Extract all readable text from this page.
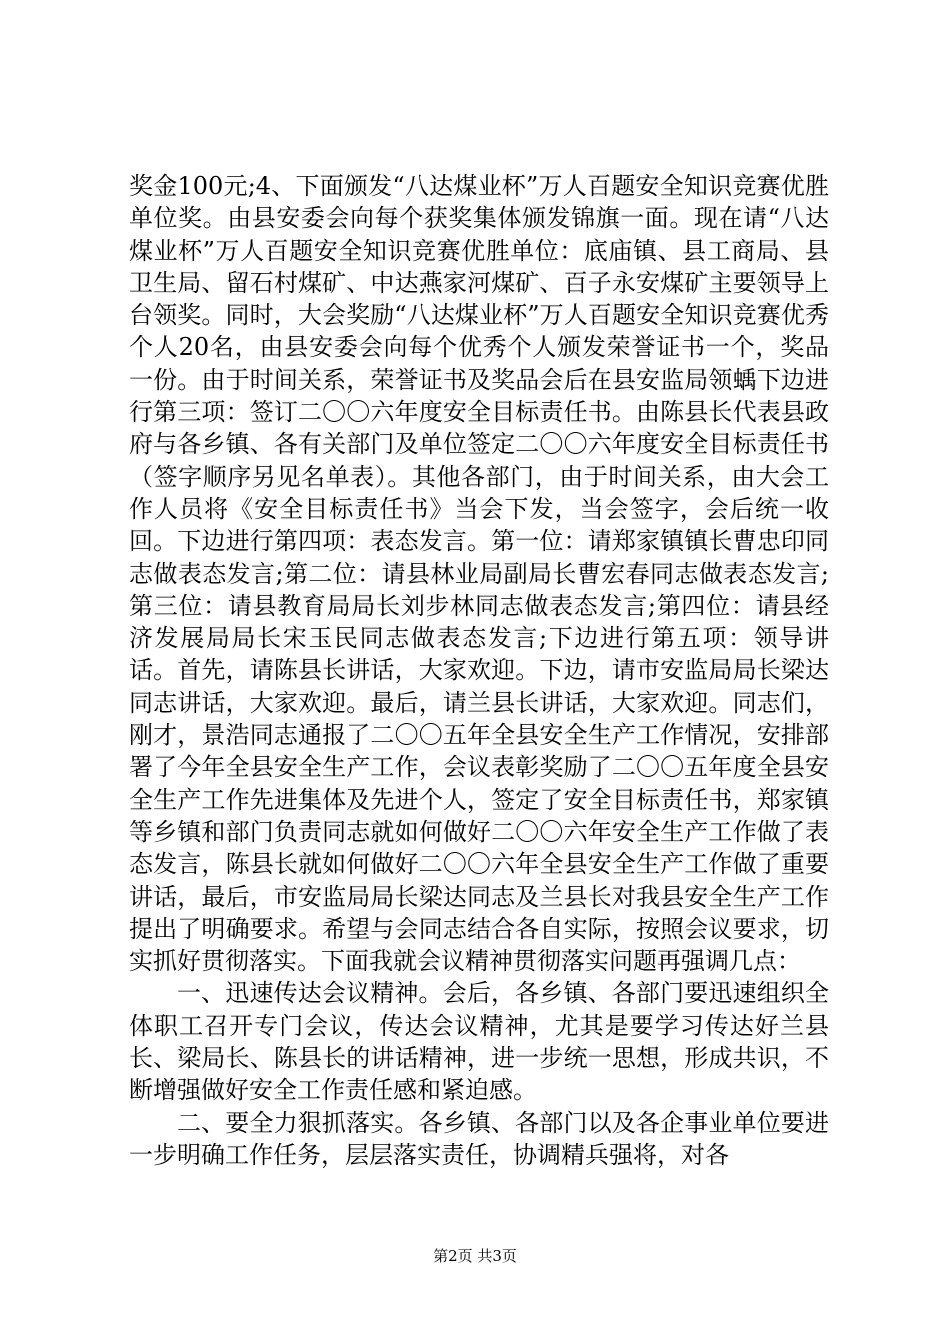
奖金100元;4、下面颁发“八达煤业杯”万人百题安全知识竞赛优胜单位奖。由县安委会向每个获奖集体颁发锦旗一面。现在请“八达煤业杯”万人百题安全知识竞赛优胜单位：底庙镇、县工商局、县卫生局、留石村煤矿、中达燕家河煤矿、百子永安煤矿主要领导上台领奖。同时，大会奖励“八达煤业杯”万人百题安全知识竞赛优秀个人20名，由县安委会向每个优秀个人颁发荣誉证书一个，奖品一份。由于时间关系，荣誉证书及奖品会后在县安监局领蝺下边进行第三项：签订二〇〇六年度安全目标责任书。由陈县长代表县政府与各乡镇、各有关部门及单位签定二〇〇六年度安全目标责任书（签字顺序另见名单表）。其他各部门，由于时间关系，由大会工作人员将《安全目标责任书》当会下发，当会签字，会后统一收回。下边进行第四项：表态发言。第一位：请郑家镇镇长曹忠印同志做表态发言;第二位：请县林业局副局长曹宏春同志做表态发言;第三位：请县教育局局长刘步林同志做表态发言;第四位：请县经济发展局局长宋玉民同志做表态发言;下边进行第五项：领导讲话。首先，请陈县长讲话，大家欢迎。下边，请市安监局局长梁达同志讲话，大家欢迎。最后，请兰县长讲话，大家欢迎。同志们，刚才，景浩同志通报了二〇〇五年全县安全生产工作情况，安排部署了今年全县安全生产工作，会议表彰奖励了二〇〇五年度全县安全生产工作先进集体及先进个人，签定了安全目标责任书，郑家镇等乡镇和部门负责同志就如何做好二〇〇六年安全生产工作做了表态发言，陈县长就如何做好二〇〇六年全县安全生产工作做了重要讲话，最后，市安监局局长梁达同志及兰县长对我县安全生产工作提出了明确要求。希望与会同志结合各自实际，按照会议要求，切实抓好贯彻落实。下面我就会议精神贯彻落实问题再强调几点：

一、迅速传达会议精神。会后，各乡镇、各部门要迅速组织全体职工召开专门会议，传达会议精神，尤其是要学习传达好兰县长、梁局长、陈县长的讲话精神，进一步统一思想，形成共识，不断增强做好安全工作责任感和紧迫感。

二、要全力狠抓落实。各乡镇、各部门以及各企事业单位要进一步明确工作任务，层层落实责任，协调精兵强将，对各

第2页 共3页
